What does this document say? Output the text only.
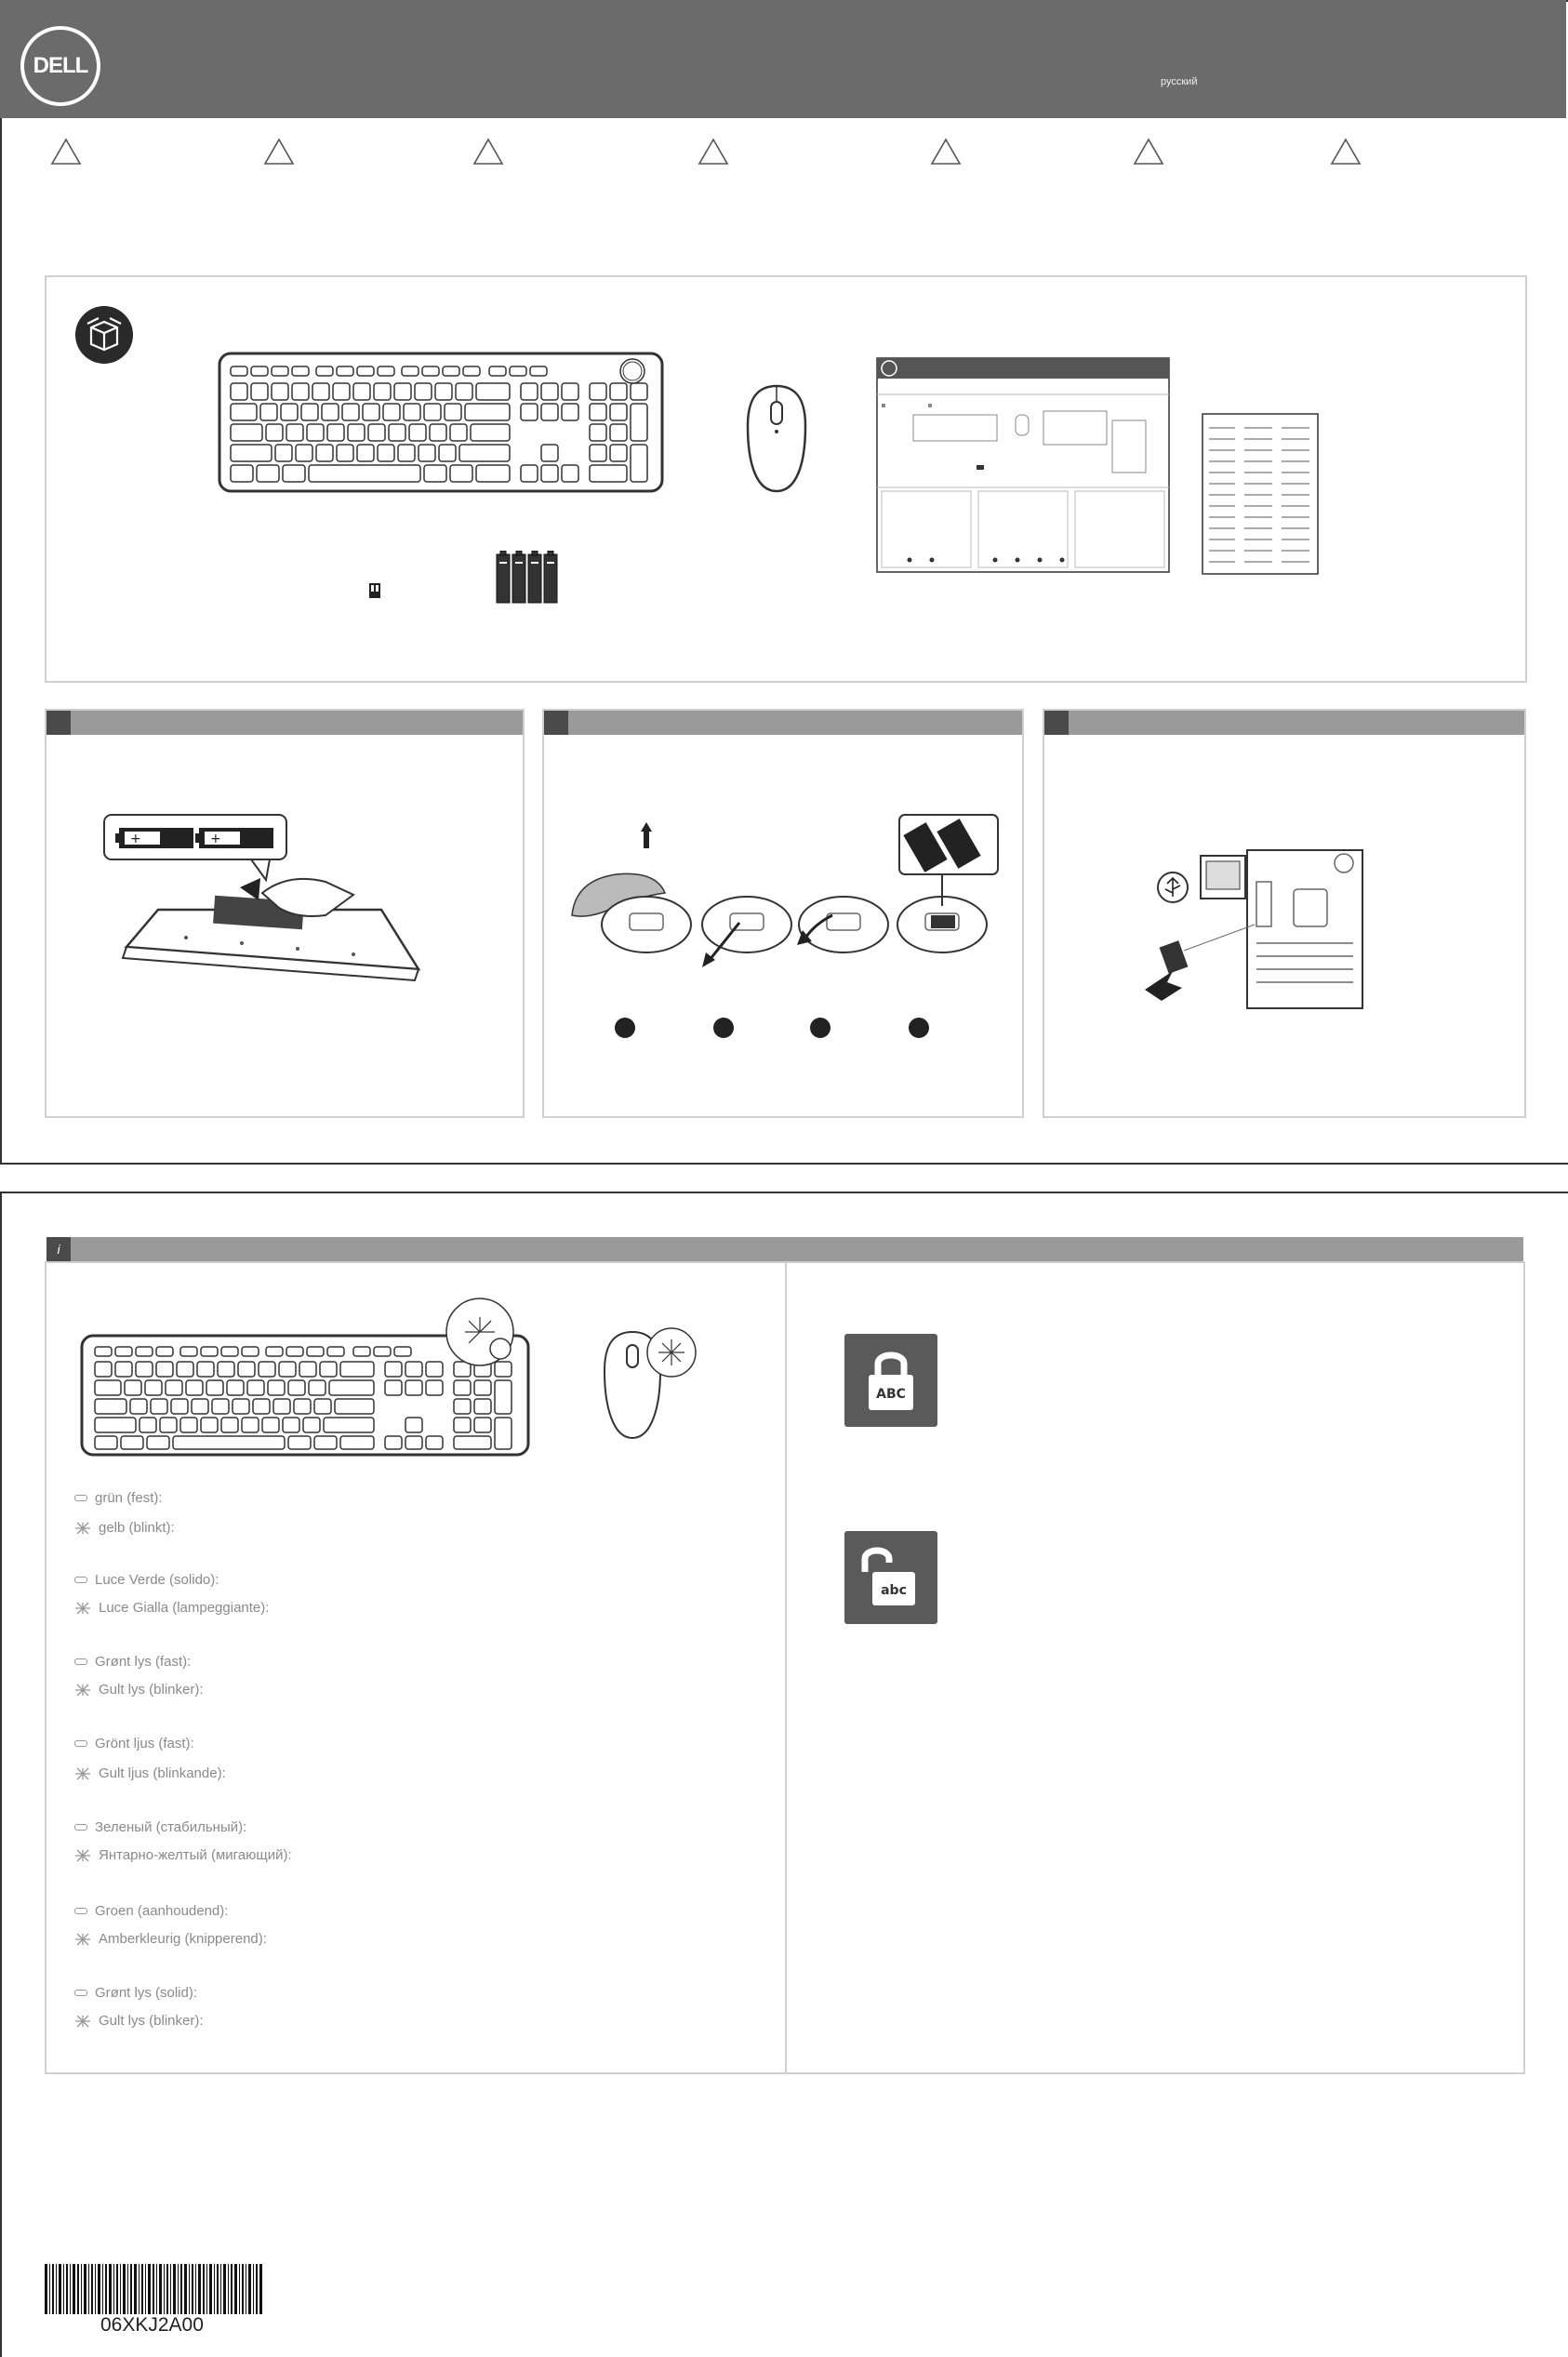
DELL
русский
+	+
i
grün (fest):
gelb (blinkt):
Luce Verde (solido):
Luce Gialla (lampeggiante):
Grønt lys (fast):
Gult lys (blinker):
Grönt ljus (fast):
Gult ljus (blinkande):
Зеленый (стабильный):
Янтарно-желтый (мигающий):
Groen (aanhoudend):
Amberkleurig (knipperend):
Grønt lys (solid):
Gult lys (blinker):
ABC
abc
06XKJ2A00
